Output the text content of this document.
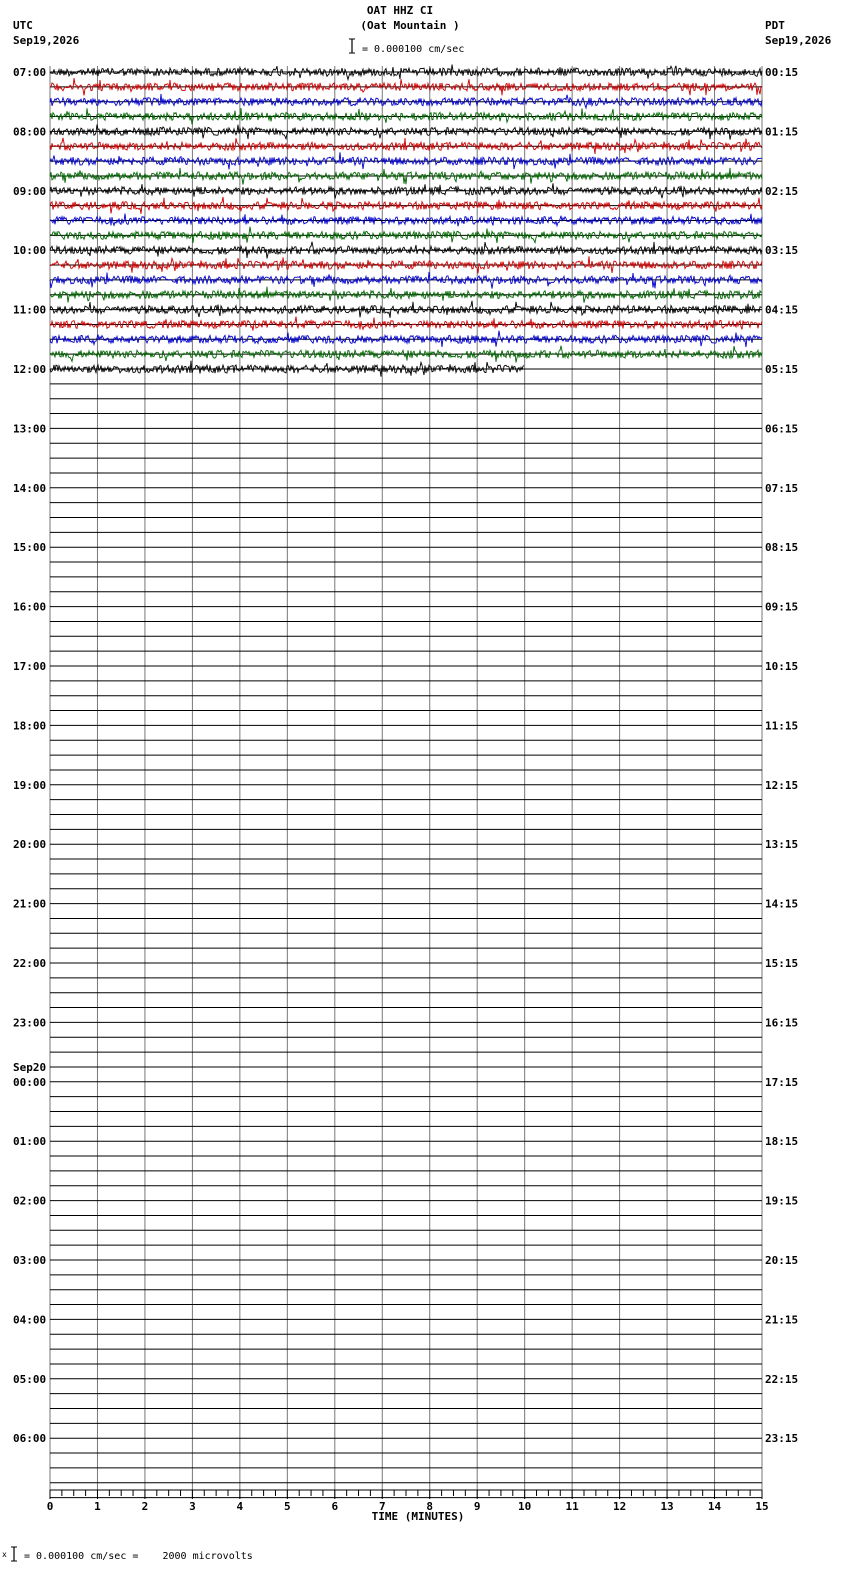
OAT HHZ CI
(Oat Mountain )
UTC
Sep19,2026
PDT
Sep19,2026
= 0.000100 cm/sec
07:00
08:00
09:00
10:00
11:00
12:00
13:00
14:00
15:00
16:00
17:00
18:00
19:00
20:00
21:00
22:00
23:00
00:00
Sep20
01:00
02:00
03:00
04:00
05:00
06:00
00:15
01:15
02:15
03:15
04:15
05:15
06:15
07:15
08:15
09:15
10:15
11:15
12:15
13:15
14:15
15:15
16:15
17:15
18:15
19:15
20:15
21:15
22:15
23:15
0	1	2	3	4	5	6	7	8	9	10	11	12	13	14	15
TIME (MINUTES)
x = 0.000100 cm/sec =    2000 microvolts
